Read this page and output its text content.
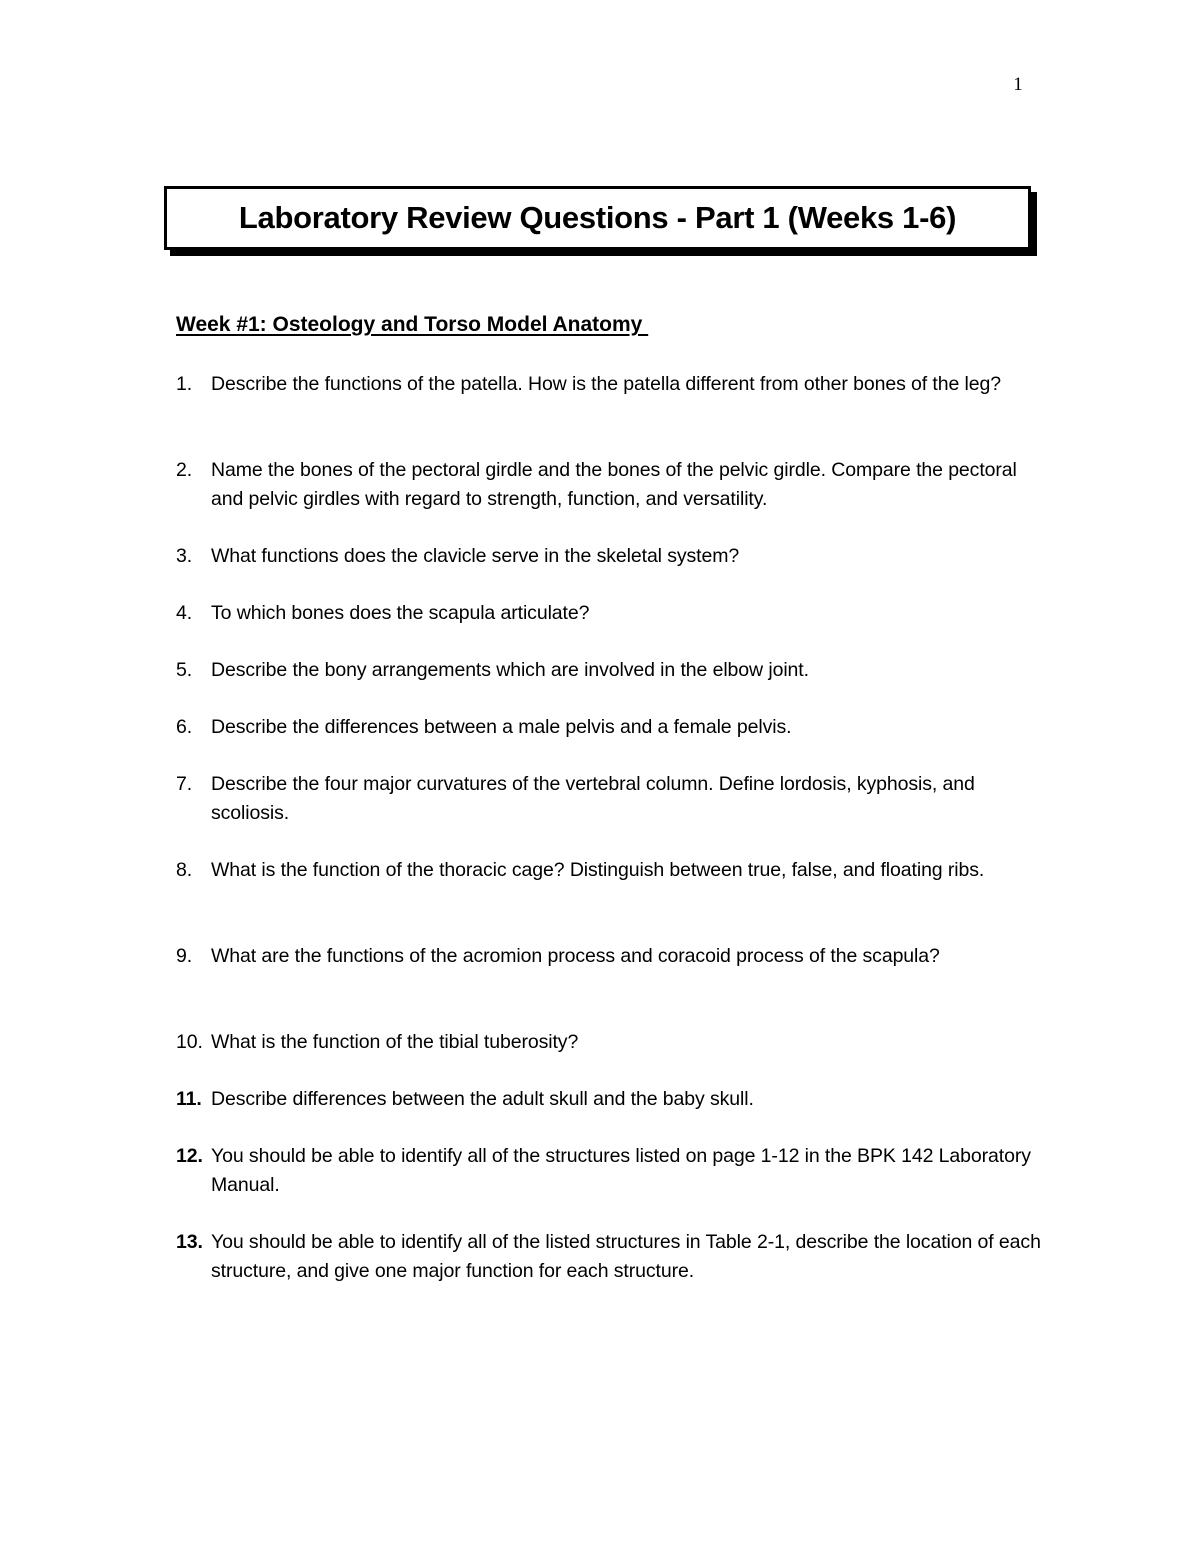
1
Laboratory Review Questions - Part 1 (Weeks 1-6)
Week #1: Osteology and Torso Model Anatomy
1. Describe the functions of the patella. How is the patella different from other bones of the leg?
2. Name the bones of the pectoral girdle and the bones of the pelvic girdle. Compare the pectoral and pelvic girdles with regard to strength, function, and versatility.
3. What functions does the clavicle serve in the skeletal system?
4. To which bones does the scapula articulate?
5. Describe the bony arrangements which are involved in the elbow joint.
6. Describe the differences between a male pelvis and a female pelvis.
7. Describe the four major curvatures of the vertebral column. Define lordosis, kyphosis, and scoliosis.
8. What is the function of the thoracic cage? Distinguish between true, false, and floating ribs.
9. What are the functions of the acromion process and coracoid process of the scapula?
10. What is the function of the tibial tuberosity?
11. Describe differences between the adult skull and the baby skull.
12. You should be able to identify all of the structures listed on page 1-12 in the BPK 142 Laboratory Manual.
13. You should be able to identify all of the listed structures in Table 2-1, describe the location of each structure, and give one major function for each structure.
